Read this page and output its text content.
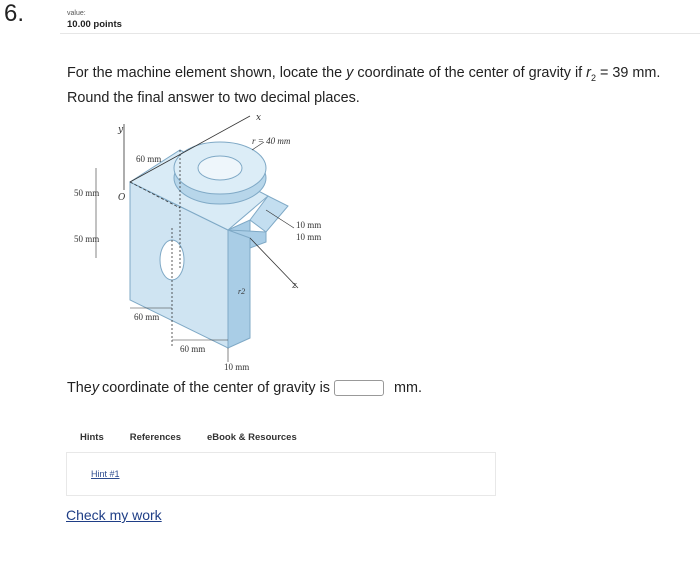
6.	value:
10.00 points
For the machine element shown, locate the y coordinate of the center of gravity if $r_2 = 39$ mm.
Round the final answer to two decimal places.
y
x
z
O
60 mm
r = 40 mm
50 mm
50 mm
10 mm
10 mm
r2
60 mm
60 mm
10 mm
The y coordinate of the center of gravity is	mm.
Hints	References	eBook & Resources
Hint #1
Check my work
